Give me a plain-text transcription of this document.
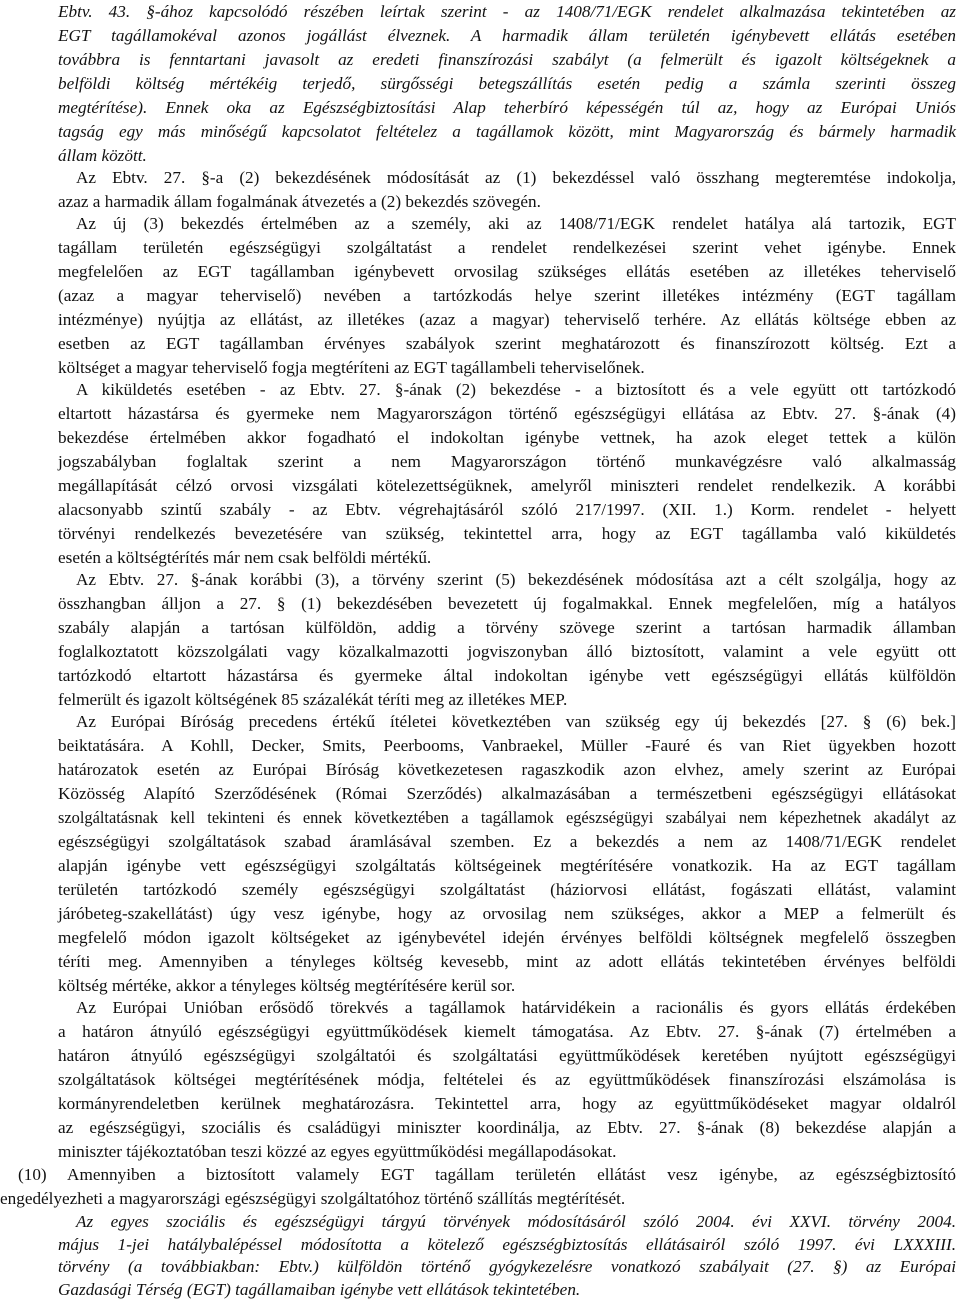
Ebtv. 43. §-ához kapcsolódó részében leírtak szerint - az 1408/71/EGK rendelet alkalmazása tekintetében az
EGT tagállamokéval azonos jogállást élveznek. A harmadik állam területén igénybevett ellátás esetében
továbbra is fenntartani javasolt az eredeti finanszírozási szabályt (a felmerült és igazolt költségeknek a
belföldi költség mértékéig terjedő, sürgősségi betegszállítás esetén pedig a számla szerinti összeg
megtérítése). Ennek oka az Egészségbiztosítási Alap teherbíró képességén túl az, hogy az Európai Uniós
tagság egy más minőségű kapcsolatot feltételez a tagállamok között, mint Magyarország és bármely harmadik
állam között.
Az Ebtv. 27. §-a (2) bekezdésének módosítását az (1) bekezdéssel való összhang megteremtése indokolja,
azaz a harmadik állam fogalmának átvezetés a (2) bekezdés szövegén.
Az új (3) bekezdés értelmében az a személy, aki az 1408/71/EGK rendelet hatálya alá tartozik, EGT
tagállam területén egészségügyi szolgáltatást a rendelet rendelkezései szerint vehet igénybe. Ennek
megfelelően az EGT tagállamban igénybevett orvosilag szükséges ellátás esetében az illetékes teherviselő
(azaz a magyar teherviselő) nevében a tartózkodás helye szerint illetékes intézmény (EGT tagállam
intézménye) nyújtja az ellátást, az illetékes (azaz a magyar) teherviselő terhére. Az ellátás költsége ebben az
esetben az EGT tagállamban érvényes szabályok szerint meghatározott és finanszírozott költség. Ezt a
költséget a magyar teherviselő fogja megtéríteni az EGT tagállambeli teherviselőnek.
A kiküldetés esetében - az Ebtv. 27. §-ának (2) bekezdése - a biztosított és a vele együtt ott tartózkodó
eltartott házastársa és gyermeke nem Magyarországon történő egészségügyi ellátása az Ebtv. 27. §-ának (4)
bekezdése értelmében akkor fogadható el indokoltan igénybe vettnek, ha azok eleget tettek a külön
jogszabályban foglaltak szerint a nem Magyarországon történő munkavégzésre való alkalmasság
megállapítását célzó orvosi vizsgálati kötelezettségüknek, amelyről miniszteri rendelet rendelkezik. A korábbi
alacsonyabb szintű szabály - az Ebtv. végrehajtásáról szóló 217/1997. (XII. 1.) Korm. rendelet - helyett
törvényi rendelkezés bevezetésére van szükség, tekintettel arra, hogy az EGT tagállamba való kiküldetés
esetén a költségtérítés már nem csak belföldi mértékű.
Az Ebtv. 27. §-ának korábbi (3), a törvény szerint (5) bekezdésének módosítása azt a célt szolgálja, hogy az
összhangban álljon a 27. § (1) bekezdésében bevezetett új fogalmakkal. Ennek megfelelően, míg a hatályos
szabály alapján a tartósan külföldön, addig a törvény szövege szerint a tartósan harmadik államban
foglalkoztatott közszolgálati vagy közalkalmazotti jogviszonyban álló biztosított, valamint a vele együtt ott
tartózkodó eltartott házastársa és gyermeke által indokoltan igénybe vett egészségügyi ellátás külföldön
felmerült és igazolt költségének 85 százalékát téríti meg az illetékes MEP.
Az Európai Bíróság precedens értékű ítéletei következtében van szükség egy új bekezdés [27. § (6) bek.]
beiktatására. A Kohll, Decker, Smits, Peerbooms, Vanbraekel, Müller -Fauré és van Riet ügyekben hozott
határozatok esetén az Európai Bíróság következetesen ragaszkodik azon elvhez, amely szerint az Európai
Közösség Alapító Szerződésének (Római Szerződés) alkalmazásában a természetbeni egészségügyi ellátásokat
szolgáltatásnak kell tekinteni és ennek következtében a tagállamok egészségügyi szabályai nem képezhetnek akadályt az
egészségügyi szolgáltatások szabad áramlásával szemben. Ez a bekezdés a nem az 1408/71/EGK rendelet
alapján igénybe vett egészségügyi szolgáltatás költségeinek megtérítésére vonatkozik. Ha az EGT tagállam
területén tartózkodó személy egészségügyi szolgáltatást (háziorvosi ellátást, fogászati ellátást, valamint
járóbeteg-szakellátást) úgy vesz igénybe, hogy az orvosilag nem szükséges, akkor a MEP a felmerült és
megfelelő módon igazolt költségeket az igénybevétel idején érvényes belföldi költségnek megfelelő összegben
téríti meg. Amennyiben a tényleges költség kevesebb, mint az adott ellátás tekintetében érvényes belföldi
költség mértéke, akkor a tényleges költség megtérítésére kerül sor.
Az Európai Unióban erősödő törekvés a tagállamok határvidékein a racionális és gyors ellátás érdekében
a határon átnyúló egészségügyi együttműködések kiemelt támogatása. Az Ebtv. 27. §-ának (7) értelmében a
határon átnyúló egészségügyi szolgáltatói és szolgáltatási együttműködések keretében nyújtott egészségügyi
szolgáltatások költségei megtérítésének módja, feltételei és az együttműködések finanszírozási elszámolása is
kormányrendeletben kerülnek meghatározásra. Tekintettel arra, hogy az együttműködéseket magyar oldalról
az egészségügyi, szociális és családügyi miniszter koordinálja, az Ebtv. 27. §-ának (8) bekezdése alapján a
miniszter tájékoztatóban teszi közzé az egyes együttműködési megállapodásokat.
(10) Amennyiben a biztosított valamely EGT tagállam területén ellátást vesz igénybe, az egészségbiztosító
engedélyezheti a magyarországi egészségügyi szolgáltatóhoz történő szállítás megtérítését.
Az egyes szociális és egészségügyi tárgyú törvények módosításáról szóló 2004. évi XXVI. törvény 2004.
május 1-jei hatálybalépéssel módosította a kötelező egészségbiztosítás ellátásairól szóló 1997. évi LXXXIII.
törvény (a továbbiakban: Ebtv.) külföldön történő gyógykezelésre vonatkozó szabályait (27. §) az Európai
Gazdasági Térség (EGT) tagállamaiban igénybe vett ellátások tekintetében.
